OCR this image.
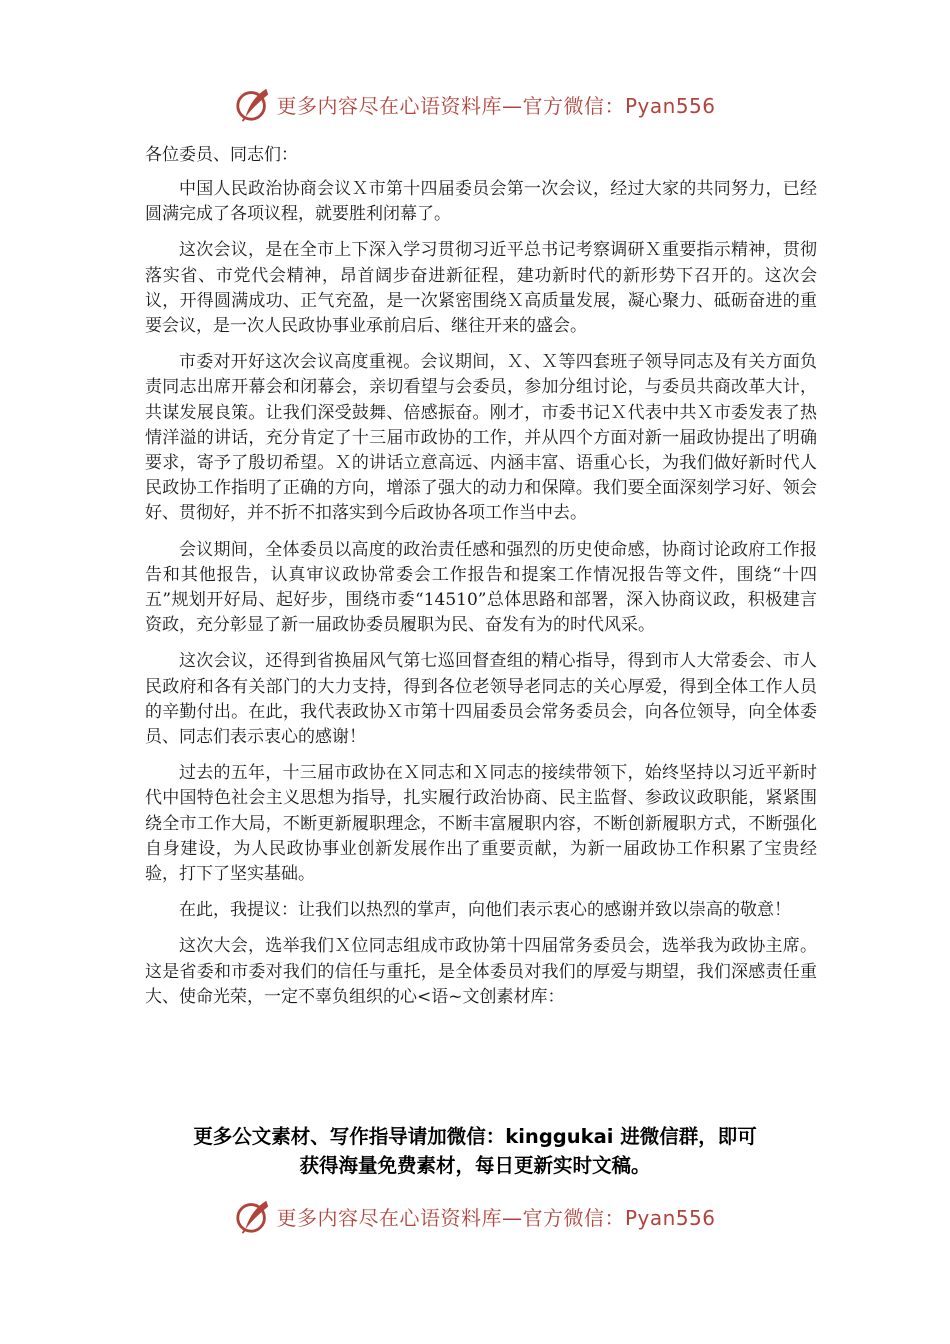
更多内容尽在心语资料库—官方微信：Pyan556

各位委员、同志们：

中国人民政治协商会议Ｘ市第十四届委员会第一次会议，经过大家的共同努力，已经圆满完成了各项议程，就要胜利闭幕了。

这次会议，是在全市上下深入学习贯彻习近平总书记考察调研Ｘ重要指示精神，贯彻落实省、市党代会精神，昂首阔步奋进新征程，建功新时代的新形势下召开的。这次会议，开得圆满成功、正气充盈，是一次紧密围绕Ｘ高质量发展，凝心聚力、砥砺奋进的重要会议，是一次人民政协事业承前启后、继往开来的盛会。

市委对开好这次会议高度重视。会议期间，Ｘ、Ｘ等四套班子领导同志及有关方面负责同志出席开幕会和闭幕会，亲切看望与会委员，参加分组讨论，与委员共商改革大计，共谋发展良策。让我们深受鼓舞、倍感振奋。刚才，市委书记Ｘ代表中共Ｘ市委发表了热情洋溢的讲话，充分肯定了十三届市政协的工作，并从四个方面对新一届政协提出了明确要求，寄予了殷切希望。Ｘ的讲话立意高远、内涵丰富、语重心长，为我们做好新时代人民政协工作指明了正确的方向，增添了强大的动力和保障。我们要全面深刻学习好、领会好、贯彻好，并不折不扣落实到今后政协各项工作当中去。

会议期间，全体委员以高度的政治责任感和强烈的历史使命感，协商讨论政府工作报告和其他报告，认真审议政协常委会工作报告和提案工作情况报告等文件，围绕“十四五”规划开好局、起好步，围绕市委“14510”总体思路和部署，深入协商议政，积极建言资政，充分彰显了新一届政协委员履职为民、奋发有为的时代风采。

这次会议，还得到省换届风气第七巡回督查组的精心指导，得到市人大常委会、市人民政府和各有关部门的大力支持，得到各位老领导老同志的关心厚爱，得到全体工作人员的辛勤付出。在此，我代表政协Ｘ市第十四届委员会常务委员会，向各位领导，向全体委员、同志们表示衷心的感谢！

过去的五年，十三届市政协在Ｘ同志和Ｘ同志的接续带领下，始终坚持以习近平新时代中国特色社会主义思想为指导，扎实履行政治协商、民主监督、参政议政职能，紧紧围绕全市工作大局，不断更新履职理念，不断丰富履职内容，不断创新履职方式，不断强化自身建设，为人民政协事业创新发展作出了重要贡献，为新一届政协工作积累了宝贵经验，打下了坚实基础。

在此，我提议：让我们以热烈的掌声，向他们表示衷心的感谢并致以崇高的敬意！

这次大会，选举我们Ｘ位同志组成市政协第十四届常务委员会，选举我为政协主席。这是省委和市委对我们的信任与重托，是全体委员对我们的厚爱与期望，我们深感责任重大、使命光荣，一定不辜负组织的心<语~文创素材库：

更多公文素材、写作指导请加微信：kinggukai 进微信群，即可
获得海量免费素材，每日更新实时文稿。
更多内容尽在心语资料库—官方微信：Pyan556
